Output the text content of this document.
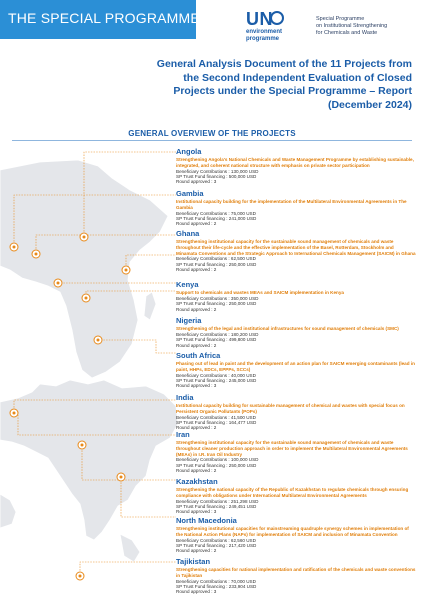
THE SPECIAL PROGRAMME	UN
environment
programme
Special Programme
on Institutional Strengthening
for Chemicals and Waste
General Analysis Document of the 11 Projects from the Second Independent Evaluation of Closed Projects under the Special Programme – Report (December 2024)
GENERAL OVERVIEW OF THE PROJECTS
Angola
Strengthening Angola's National Chemicals and Waste Management Programme by establishing sustainable, integrated, and coherent national structure with emphasis on private sector participation
Beneficiary Contributions : 130,000 USD
SP Trust Fund financing : 500,000 USD
Round approved : 3
Gambia
Institutional capacity building for the implementation of the Multilateral Environmental Agreements in The Gambia
Beneficiary Contributions : 75,000 USD
SP Trust Fund financing : 241,000 USD
Round approved : 2
Ghana
Strengthening institutional capacity for the sustainable sound management of chemicals and waste throughout their life-cycle and the effective implementation of the Basel, Rotterdam, Stockholm and Minamata Conventions and the Strategic Approach to International Chemicals Management (SAICM) in Ghana
Beneficiary Contributions : 62,500 USD
SP Trust Fund financing : 250,000 USD
Round approved : 2
Kenya
Support to chemicals and wastes MEAs and SAICM implementation in Kenya
Beneficiary Contributions : 350,000 USD
SP Trust Fund financing : 250,000 USD
Round approved : 2
Nigeria
Strengthening of the legal and institutional infrastructures for sound management of chemicals (SMC)
Beneficiary Contributions : 180,200 USD
SP Trust Fund financing : 499,800 USD
Round approved : 2
South Africa
Phasing out of lead in paint and the development of an action plan for SAICM emerging contaminants (lead in paint, HHPs, EDCs, EPPPs, SCCs)
Beneficiary Contributions : 40,000 USD
SP Trust Fund financing : 245,000 USD
Round approved : 3
India
Institutional capacity building for sustainable management of chemical and wastes with special focus on Persistent Organic Pollutants (POPs)
Beneficiary Contributions : 41,500 USD
SP Trust Fund financing : 164,477 USD
Round approved : 2
Iran
Strengthening institutional capacity for the sustainable sound management of chemicals and waste throughout cleaner production approach in order to implement the Multilateral Environmental Agreements (MEAs) in I.R. Iran Oil Industry
Beneficiary Contributions : 100,000 USD
SP Trust Fund financing : 250,000 USD
Round approved : 2
Kazakhstan
Strengthening the national capacity of the Republic of Kazakhstan to regulate chemicals through ensuring compliance with obligations under International Multilateral Environmental Agreements
Beneficiary Contributions : 251,298 USD
SP Trust Fund financing : 249,451 USD
Round approved : 3
North Macedonia
Strengthening institutional capacities for mainstreaming quadruple synergy schemes in implementation of the National Action Plans (NAPs) for implementation of SAICM and inclusion of Minamata Convention
Beneficiary Contributions : 62,560 USD
SP Trust Fund financing : 217,420 USD
Round approved : 2
Tajikistan
Strengthening capacities for national implementation and ratification of the chemicals and waste conventions in Tajikistan
Beneficiary Contributions : 70,000 USD
SP Trust Fund financing : 233,904 USD
Round approved : 3
